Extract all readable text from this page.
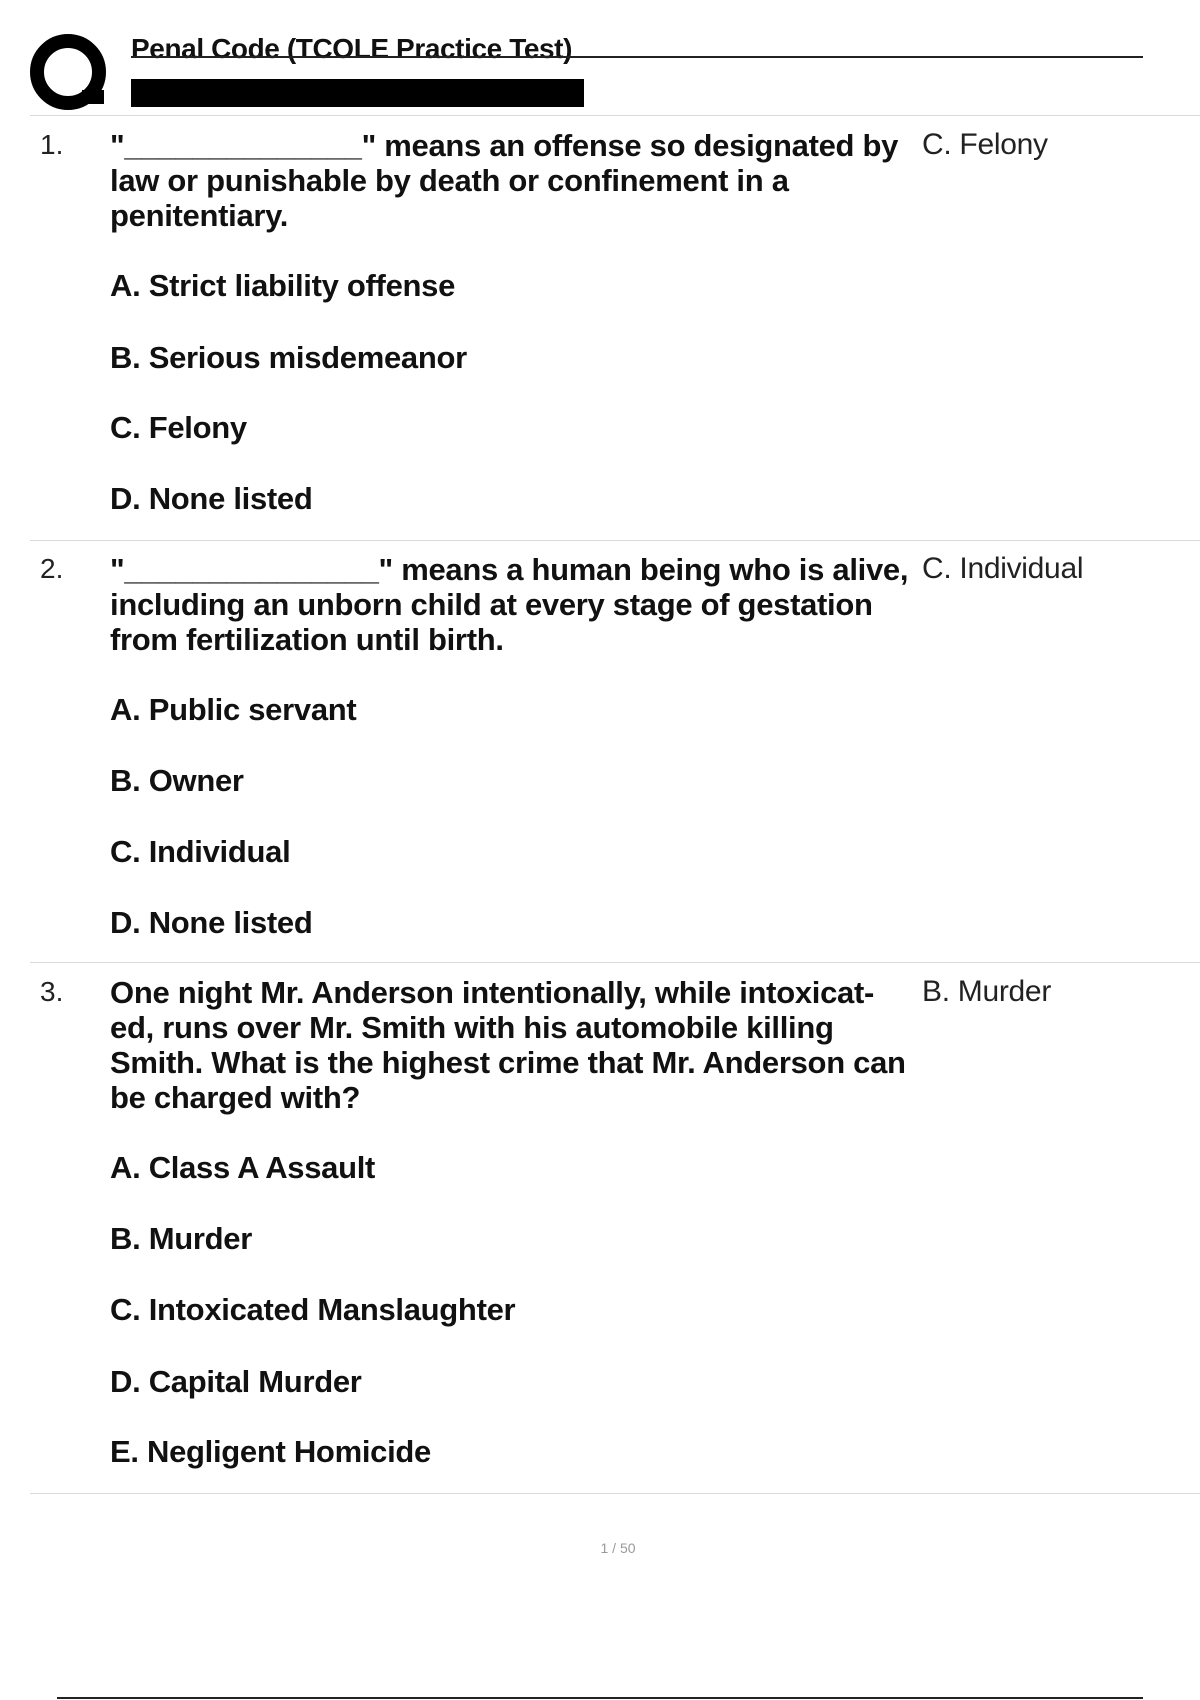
Penal Code (TCOLE Practice Test)
1. "______________" means an offense so designated by law or punishable by death or confinement in a penitentiary.
C. Felony
A. Strict liability offense
B. Serious misdemeanor
C. Felony
D. None listed
2. "_______________" means a human being who is alive, including an unborn child at every stage of gestation from fertilization until birth.
C. Individual
A. Public servant
B. Owner
C. Individual
D. None listed
3. One night Mr. Anderson intentionally, while intoxicat-ed, runs over Mr. Smith with his automobile killing Smith. What is the highest crime that Mr. Anderson can be charged with?
B. Murder
A. Class A Assault
B. Murder
C. Intoxicated Manslaughter
D. Capital Murder
E. Negligent Homicide
1 / 50
